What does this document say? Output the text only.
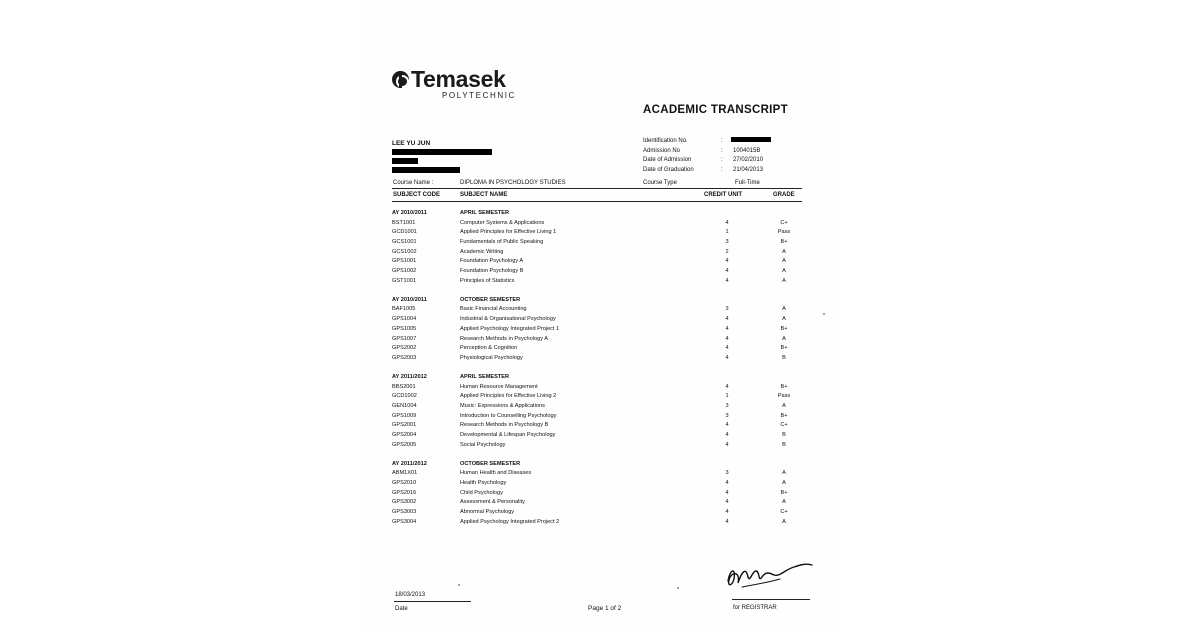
Temasek
POLYTECHNIC
ACADEMIC TRANSCRIPT
LEE YU JUN	Identification No.	:
Admission No	:	1004015B
Date of Admission	:	27/02/2010
Date of Graduation	:	21/04/2013
Course Name :	DIPLOMA IN PSYCHOLOGY STUDIES	Course Type	Full-Time
SUBJECT CODE	SUBJECT NAME	CREDIT UNIT	GRADE
AY 2010/2011	APRIL SEMESTER
BST1001	Computer Systems & Applications	4	C+
GCD1001	Applied Principles for Effective Living 1	1	Pass
GCS1001	Fundamentals of Public Speaking	3	B+
GCS1002	Academic Writing	2	A
GPS1001	Foundation Psychology A	4	A
GPS1002	Foundation Psychology B	4	A
GST1001	Principles of Statistics	4	A
AY 2010/2011	OCTOBER SEMESTER
BAF1005	Basic Financial Accounting	3	A
GPS1004	Industrial & Organisational Psychology	4	A
GPS1005	Applied Psychology Integrated Project 1	4	B+
GPS1007	Research Methods in Psychology A	4	A
GPS2002	Perception & Cognition	4	B+
GPS2003	Physiological Psychology	4	B
AY 2011/2012	APRIL SEMESTER
BBS2001	Human Resource Management	4	B+
GCD1002	Applied Principles for Effective Living 2	1	Pass
GEN1004	Music: Expressions & Applications	3	A
GPS1009	Introduction to Counselling Psychology	3	B+
GPS2001	Research Methods in Psychology B	4	C+
GPS2004	Developmental & Lifespan Psychology	4	B
GPS2005	Social Psychology	4	B
AY 2011/2012	OCTOBER SEMESTER
ABM1X01	Human Health and Diseases	3	A
GPS2010	Health Psychology	4	A
GPS2016	Child Psychology	4	B+
GPS3002	Assessment & Personality	4	A
GPS3003	Abnormal Psychology	4	C+
GPS3004	Applied Psychology Integrated Project 2	4	A
18/03/2013
Date	Page 1 of 2	for REGISTRAR
